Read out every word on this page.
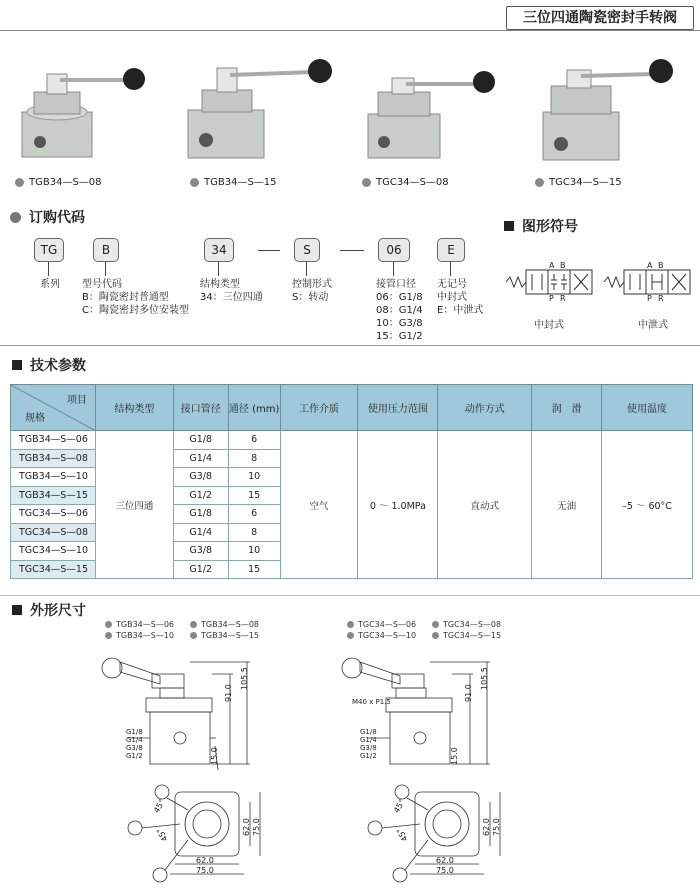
三位四通陶瓷密封手转阀
TGB34—S—08	TGB34—S—15	TGC34—S—08	TGC34—S—15
订购代码
TG	B	34	S	06	E
系列 型号代码
B：陶瓷密封普通型
C：陶瓷密封多位安装型
结构类型
34：三位四通
控制形式
S：转动
接管口径
06：G1/8
08：G1/4
10：G3/8
15：G1/2
无记号
中封式
E：中泄式
图形符号
A B
P R
中封式
A B
P R
中泄式
技术参数
项目
规格	结构类型	接口管径	通径 (mm)	工作介质	使用压力范围	动作方式	润　滑	使用温度
TGB34—S—06	三位四通	G1/8	6	空气	0 ～ 1.0MPa	直动式	无油	–5 ～ 60°C
TGB34—S—08		G1/4	8					
TGB34—S—10		G3/8	10					
TGB34—S—15		G1/2	15					
TGC34—S—06		G1/8	6					
TGC34—S—08		G1/4	8					
TGC34—S—10		G3/8	10					
TGC34—S—15		G1/2	15					
外形尺寸
TGB34—S—06	TGB34—S—08
TGB34—S—10	TGB34—S—15
TGC34—S—06	TGC34—S—08
TGC34—S—10	TGC34—S—15
105.5
91.0
15.0
G1/8
G1/4
G3/8
G1/2
45°
45°
62.0
75.0
62.0 75.0
M40 x P1.5
105.5
91.0
15.0
G1/8
G1/4
G3/8
G1/2
45°
45°
62.0
75.0
62.0 75.0
